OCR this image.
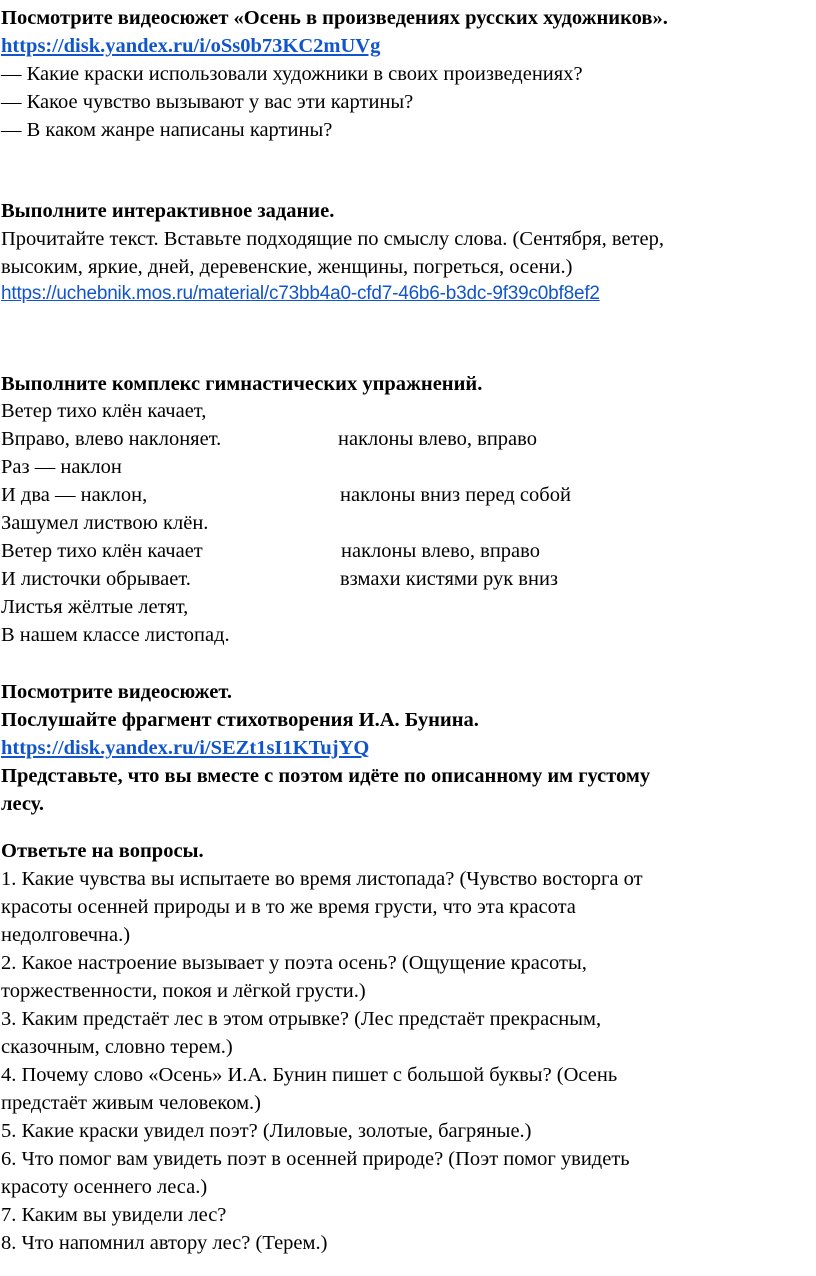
Посмотрите видеосюжет «Осень в произведениях русских художников».
https://disk.yandex.ru/i/oSs0b73KC2mUVg
— Какие краски использовали художники в своих произведениях?
— Какое чувство вызывают у вас эти картины?
— В каком жанре написаны картины?
Выполните интерактивное задание.
Прочитайте текст. Вставьте подходящие по смыслу слова. (Сентября, ветер,
высоким, яркие, дней, деревенские, женщины, погреться, осени.)
https://uchebnik.mos.ru/material/c73bb4a0-cfd7-46b6-b3dc-9f39c0bf8ef2
Выполните комплекс гимнастических упражнений.
Ветер тихо клён качает,
Вправо, влево наклоняет.	наклоны влево, вправо
Раз — наклон
И два — наклон,	наклоны вниз перед собой
Зашумел листвою клён.
Ветер тихо клён качает	наклоны влево, вправо
И листочки обрывает.	взмахи кистями рук вниз
Листья жёлтые летят,
В нашем классе листопад.
Посмотрите видеосюжет.
Послушайте фрагмент стихотворения И.А. Бунина.
https://disk.yandex.ru/i/SEZt1sI1KTujYQ
Представьте, что вы вместе с поэтом идёте по описанному им густому
лесу.
Ответьте на вопросы.
1. Какие чувства вы испытаете во время листопада? (Чувство восторга от
красоты осенней природы и в то же время грусти, что эта красота
недолговечна.)
2. Какое настроение вызывает у поэта осень? (Ощущение красоты,
торжественности, покоя и лёгкой грусти.)
3. Каким предстаёт лес в этом отрывке? (Лес предстаёт прекрасным,
сказочным, словно терем.)
4. Почему слово «Осень» И.А. Бунин пишет с большой буквы? (Осень
предстаёт живым человеком.)
5. Какие краски увидел поэт? (Лиловые, золотые, багряные.)
6. Что помог вам увидеть поэт в осенней природе? (Поэт помог увидеть
красоту осеннего леса.)
7. Каким вы увидели лес?
8. Что напомнил автору лес? (Терем.)
